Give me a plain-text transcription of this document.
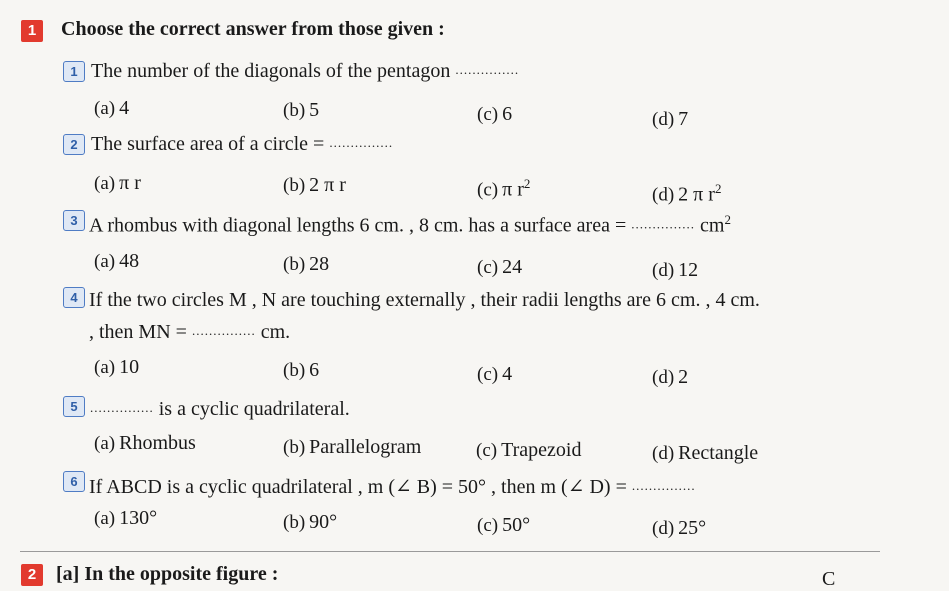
1	Choose the correct answer from those given :
1 The number of the diagonals of the pentagon ...............
(a)  4	(b)  5	(c)  6	(d)  7
2 The surface area of a circle = ...............
(a)  π r	(b)  2 π r	(c)  π $r^2$
(d)  2 π $r^2$
3 A rhombus with diagonal lengths 6 cm. , 8 cm. has a surface area = ............... $cm^2$
(a)  48	(b)  28	(c)  24	(d)  12
4 If the two circles M , N are touching externally , their radii lengths are 6 cm. , 4 cm.
, then MN = ............... cm.
(a)  10	(b)  6	(c)  4	(d)  2
5 ............... is a cyclic quadrilateral.
(a)  Rhombus	(b)  Parallelogram	(c)  Trapezoid	(d)  Rectangle
6 If ABCD is a cyclic quadrilateral , m (∠ B) = 50° , then m (∠ D) = ...............
(a)  130°	(b)  90°	(c)  50°	(d)  25°
2 [a] In the opposite figure :	C
